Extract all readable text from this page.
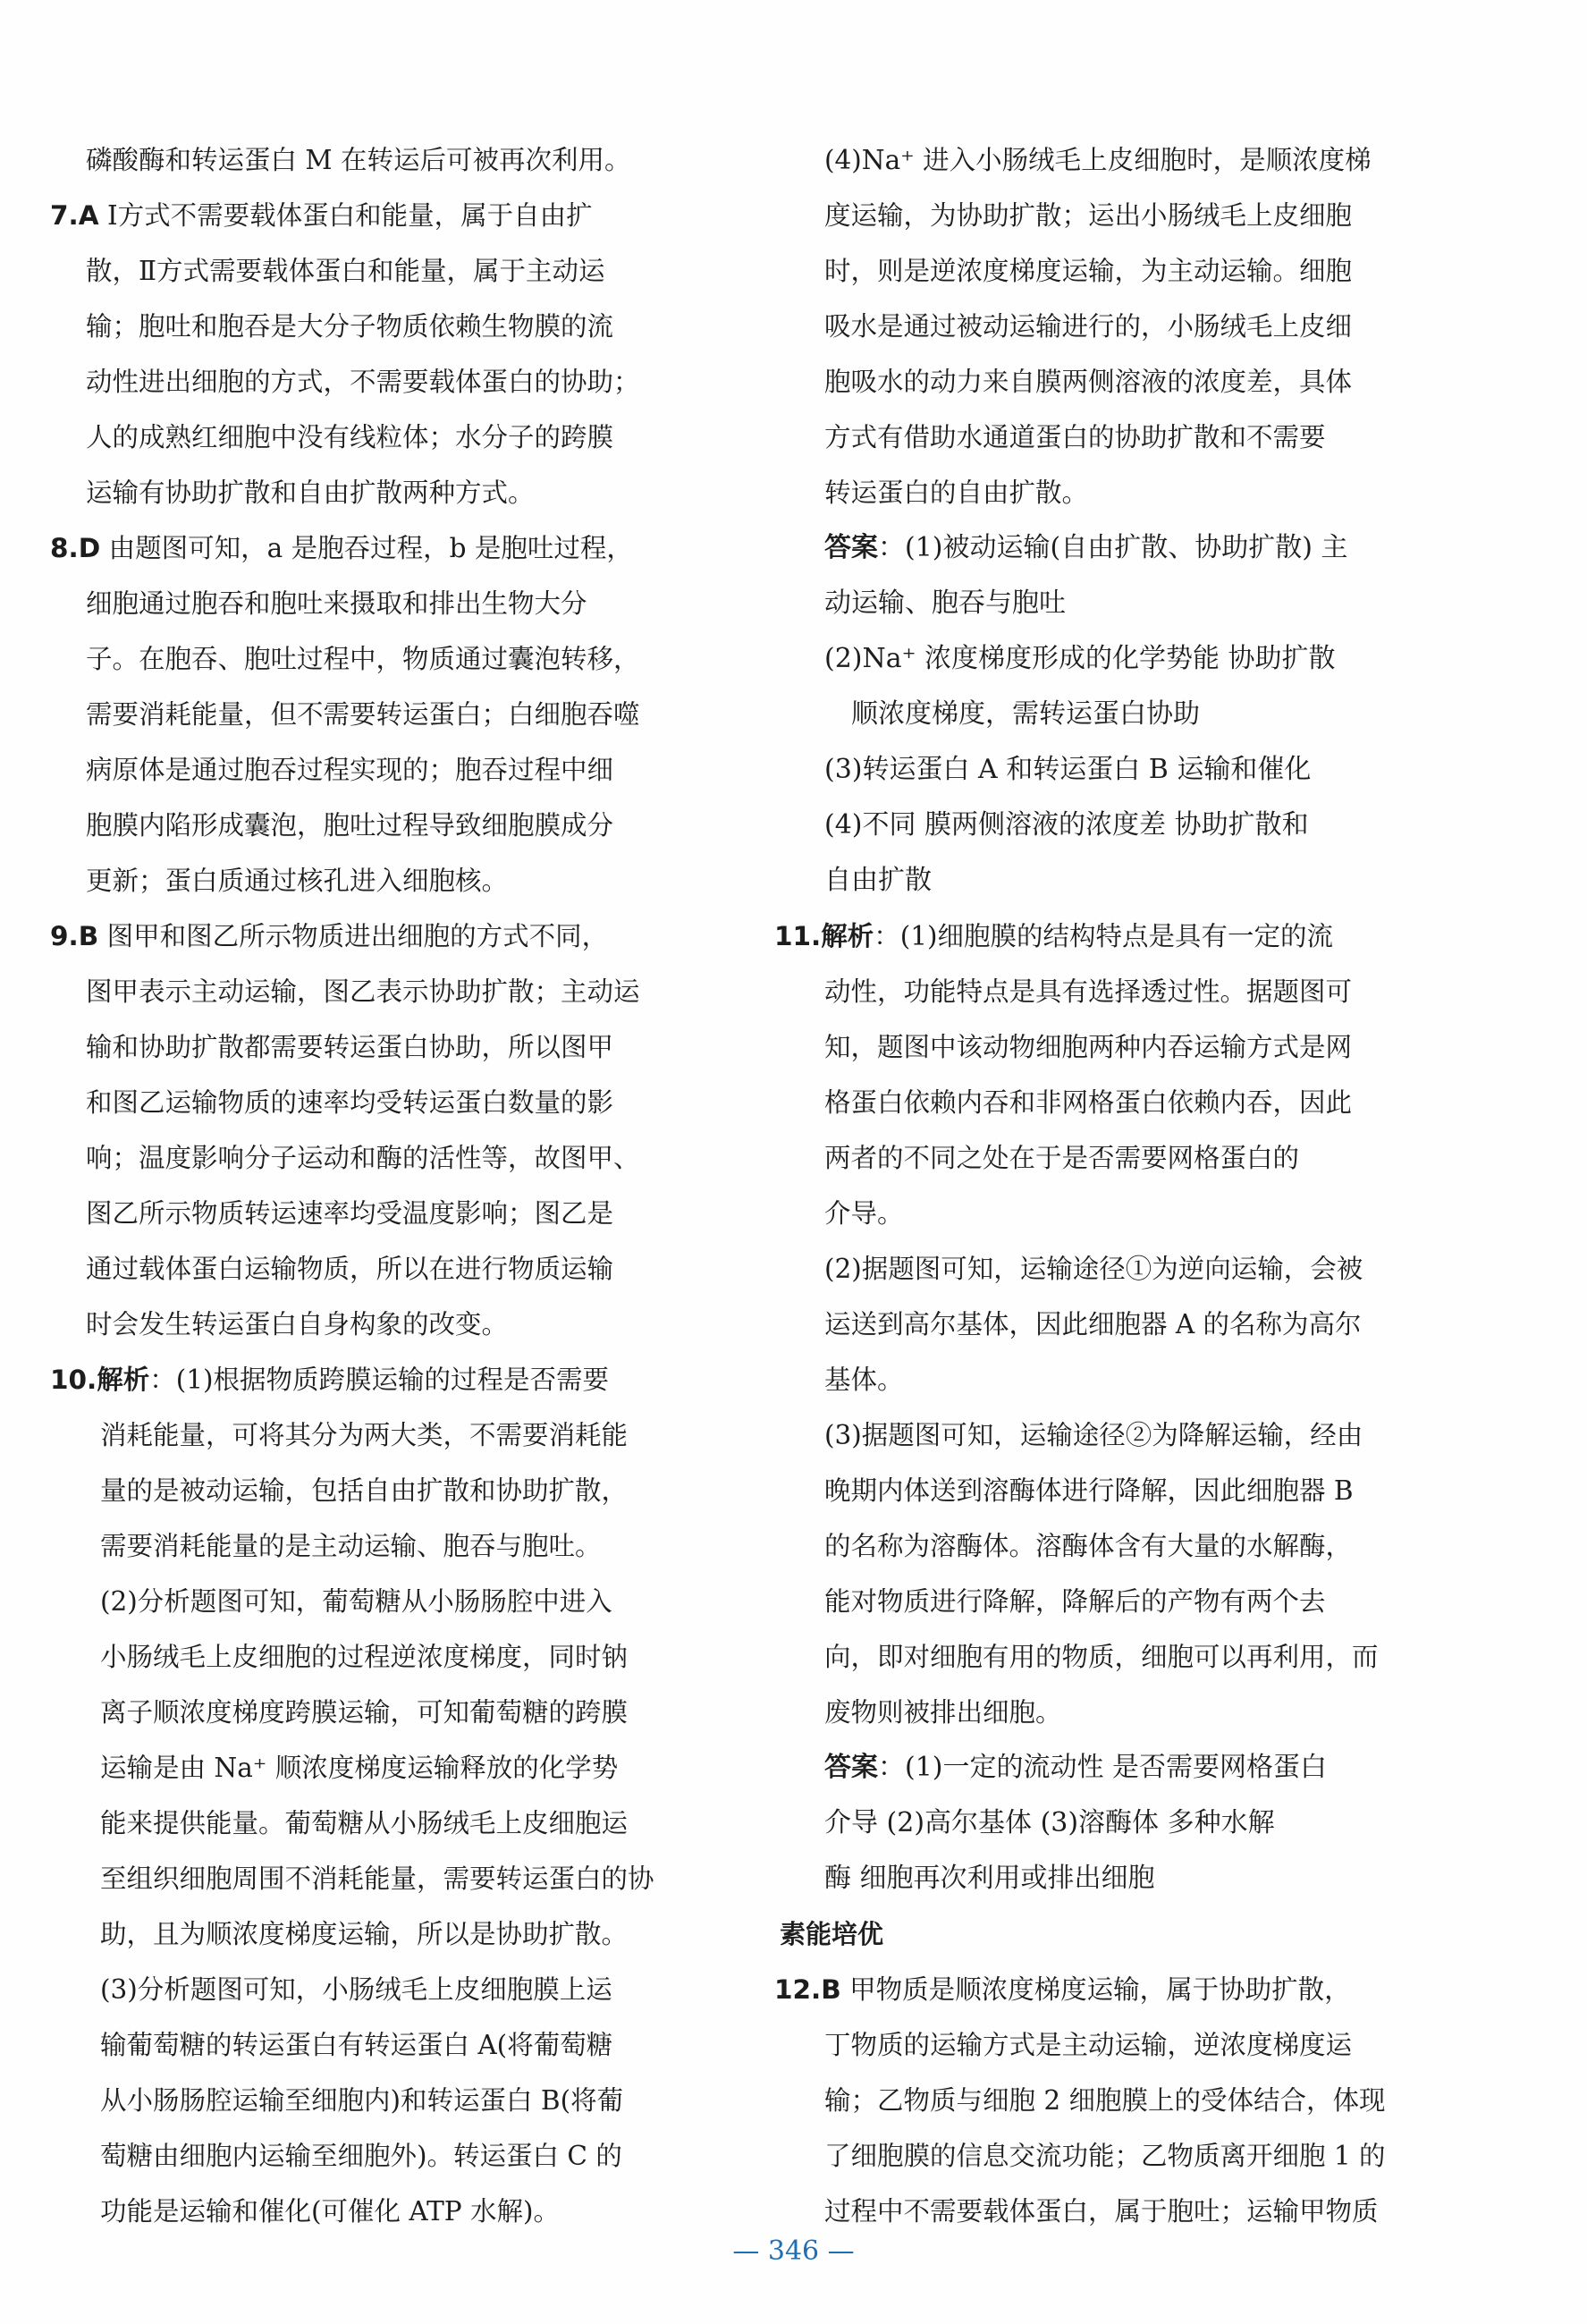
磷酸酶和转运蛋白 M 在转运后可被再次利用。
7.A Ⅰ方式不需要载体蛋白和能量，属于自由扩
散，Ⅱ方式需要载体蛋白和能量，属于主动运
输；胞吐和胞吞是大分子物质依赖生物膜的流
动性进出细胞的方式，不需要载体蛋白的协助；
人的成熟红细胞中没有线粒体；水分子的跨膜
运输有协助扩散和自由扩散两种方式。
8.D 由题图可知，a 是胞吞过程，b 是胞吐过程，
细胞通过胞吞和胞吐来摄取和排出生物大分
子。在胞吞、胞吐过程中，物质通过囊泡转移，
需要消耗能量，但不需要转运蛋白；白细胞吞噬
病原体是通过胞吞过程实现的；胞吞过程中细
胞膜内陷形成囊泡，胞吐过程导致细胞膜成分
更新；蛋白质通过核孔进入细胞核。
9.B 图甲和图乙所示物质进出细胞的方式不同，
图甲表示主动运输，图乙表示协助扩散；主动运
输和协助扩散都需要转运蛋白协助，所以图甲
和图乙运输物质的速率均受转运蛋白数量的影
响；温度影响分子运动和酶的活性等，故图甲、
图乙所示物质转运速率均受温度影响；图乙是
通过载体蛋白运输物质，所以在进行物质运输
时会发生转运蛋白自身构象的改变。
10.解析：(1)根据物质跨膜运输的过程是否需要
消耗能量，可将其分为两大类，不需要消耗能
量的是被动运输，包括自由扩散和协助扩散，
需要消耗能量的是主动运输、胞吞与胞吐。
(2)分析题图可知，葡萄糖从小肠肠腔中进入
小肠绒毛上皮细胞的过程逆浓度梯度，同时钠
离子顺浓度梯度跨膜运输，可知葡萄糖的跨膜
运输是由 Na⁺ 顺浓度梯度运输释放的化学势
能来提供能量。葡萄糖从小肠绒毛上皮细胞运
至组织细胞周围不消耗能量，需要转运蛋白的协
助，且为顺浓度梯度运输，所以是协助扩散。
(3)分析题图可知，小肠绒毛上皮细胞膜上运
输葡萄糖的转运蛋白有转运蛋白 A(将葡萄糖
从小肠肠腔运输至细胞内)和转运蛋白 B(将葡
萄糖由细胞内运输至细胞外)。转运蛋白 C 的
功能是运输和催化(可催化 ATP 水解)。
(4)Na⁺ 进入小肠绒毛上皮细胞时，是顺浓度梯
度运输，为协助扩散；运出小肠绒毛上皮细胞
时，则是逆浓度梯度运输，为主动运输。细胞
吸水是通过被动运输进行的，小肠绒毛上皮细
胞吸水的动力来自膜两侧溶液的浓度差，具体
方式有借助水通道蛋白的协助扩散和不需要
转运蛋白的自由扩散。
答案：(1)被动运输(自由扩散、协助扩散) 主
动运输、胞吞与胞吐
(2)Na⁺ 浓度梯度形成的化学势能 协助扩散
顺浓度梯度，需转运蛋白协助
(3)转运蛋白 A 和转运蛋白 B 运输和催化
(4)不同 膜两侧溶液的浓度差 协助扩散和
自由扩散
11.解析：(1)细胞膜的结构特点是具有一定的流
动性，功能特点是具有选择透过性。据题图可
知，题图中该动物细胞两种内吞运输方式是网
格蛋白依赖内吞和非网格蛋白依赖内吞，因此
两者的不同之处在于是否需要网格蛋白的
介导。
(2)据题图可知，运输途径①为逆向运输，会被
运送到高尔基体，因此细胞器 A 的名称为高尔
基体。
(3)据题图可知，运输途径②为降解运输，经由
晚期内体送到溶酶体进行降解，因此细胞器 B
的名称为溶酶体。溶酶体含有大量的水解酶，
能对物质进行降解，降解后的产物有两个去
向，即对细胞有用的物质，细胞可以再利用，而
废物则被排出细胞。
答案：(1)一定的流动性 是否需要网格蛋白
介导 (2)高尔基体 (3)溶酶体 多种水解
酶 细胞再次利用或排出细胞
素能培优
12.B 甲物质是顺浓度梯度运输，属于协助扩散，
丁物质的运输方式是主动运输，逆浓度梯度运
输；乙物质与细胞 2 细胞膜上的受体结合，体现
了细胞膜的信息交流功能；乙物质离开细胞 1 的
过程中不需要载体蛋白，属于胞吐；运输甲物质
— 346 —
